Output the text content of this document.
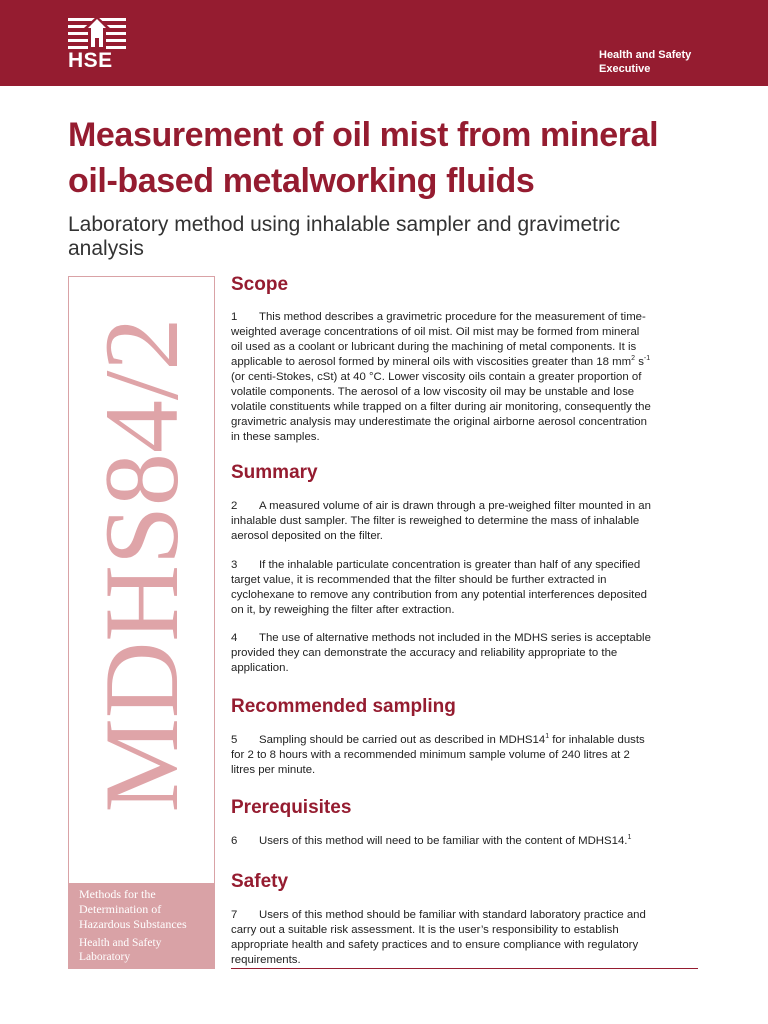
HSE	Health and Safety
Executive
Measurement of oil mist from mineral
oil-based metalworking fluids
Laboratory method using inhalable sampler and gravimetric
analysis
MDHS84/2

Methods for the
Determination of
Hazardous Substances

Health and Safety
Laboratory

Scope
1 This method describes a gravimetric procedure for the measurement of time-
weighted average concentrations of oil mist. Oil mist may be formed from mineral
oil used as a coolant or lubricant during the machining of metal components. It is
applicable to aerosol formed by mineral oils with viscosities greater than 18 $mm^2$ $s^{-1}$
(or centi-Stokes, cSt) at 40 °C. Lower viscosity oils contain a greater proportion of
volatile components. The aerosol of a low viscosity oil may be unstable and lose
volatile constituents while trapped on a filter during air monitoring, consequently the
gravimetric analysis may underestimate the original airborne aerosol concentration
in these samples.
Summary
2 A measured volume of air is drawn through a pre-weighed filter mounted in an
inhalable dust sampler. The filter is reweighed to determine the mass of inhalable
aerosol deposited on the filter.
3 If the inhalable particulate concentration is greater than half of any specified
target value, it is recommended that the filter should be further extracted in
cyclohexane to remove any contribution from any potential interferences deposited
on it, by reweighing the filter after extraction.
4 The use of alternative methods not included in the MDHS series is acceptable
provided they can demonstrate the accuracy and reliability appropriate to the
application.
Recommended sampling
5 Sampling should be carried out as described in $MDHS14^1$ for inhalable dusts
for 2 to 8 hours with a recommended minimum sample volume of 240 litres at 2
litres per minute.
Prerequisites
6 Users of this method will need to be familiar with the content of MDHS14.$^1$
Safety
7 Users of this method should be familiar with standard laboratory practice and
carry out a suitable risk assessment. It is the user’s responsibility to establish
appropriate health and safety practices and to ensure compliance with regulatory
requirements.
